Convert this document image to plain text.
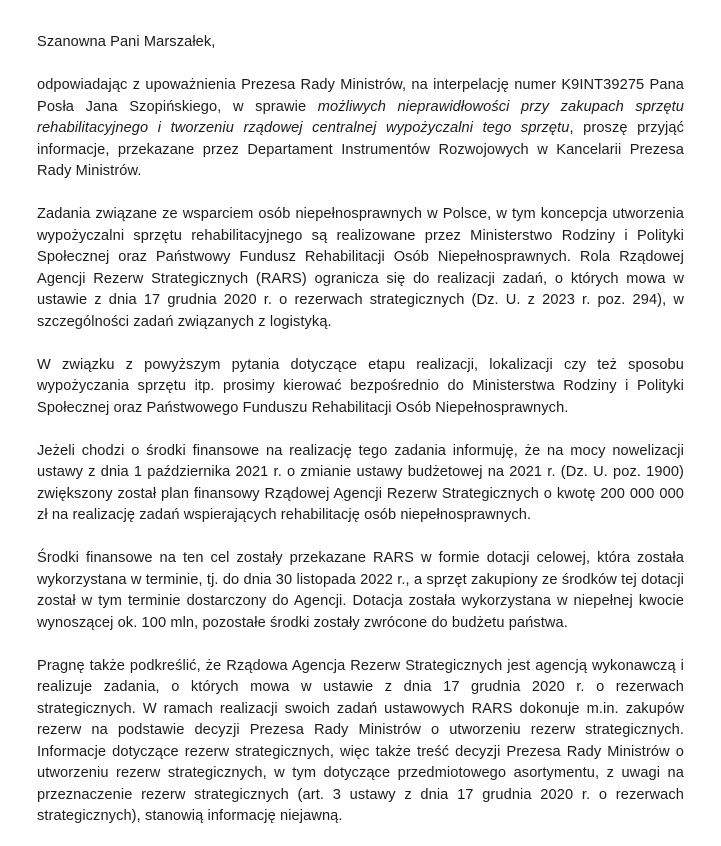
Szanowna Pani Marszałek,

odpowiadając z upoważnienia Prezesa Rady Ministrów, na interpelację numer K9INT39275 Pana Posła Jana Szopińskiego, w sprawie możliwych nieprawidłowości przy zakupach sprzętu rehabilitacyjnego i tworzeniu rządowej centralnej wypożyczalni tego sprzętu, proszę przyjąć informacje, przekazane przez Departament Instrumentów Rozwojowych w Kancelarii Prezesa Rady Ministrów.

Zadania związane ze wsparciem osób niepełnosprawnych w Polsce, w tym koncepcja utworzenia wypożyczalni sprzętu rehabilitacyjnego są realizowane przez Ministerstwo Rodziny i Polityki Społecznej oraz Państwowy Fundusz Rehabilitacji Osób Niepełnosprawnych. Rola Rządowej Agencji Rezerw Strategicznych (RARS) ogranicza się do realizacji zadań, o których mowa w ustawie z dnia 17 grudnia 2020 r. o rezerwach strategicznych (Dz. U. z 2023 r. poz. 294), w szczególności zadań związanych z logistyką.

W związku z powyższym pytania dotyczące etapu realizacji, lokalizacji czy też sposobu wypożyczania sprzętu itp. prosimy kierować bezpośrednio do Ministerstwa Rodziny i Polityki Społecznej oraz Państwowego Funduszu Rehabilitacji Osób Niepełnosprawnych.

Jeżeli chodzi o środki finansowe na realizację tego zadania informuję, że na mocy nowelizacji ustawy z dnia 1 października 2021 r. o zmianie ustawy budżetowej na 2021 r. (Dz. U. poz. 1900) zwiększony został plan finansowy Rządowej Agencji Rezerw Strategicznych o kwotę 200 000 000 zł na realizację zadań wspierających rehabilitację osób niepełnosprawnych.

Środki finansowe na ten cel zostały przekazane RARS w formie dotacji celowej, która została wykorzystana w terminie, tj. do dnia 30 listopada 2022 r., a sprzęt zakupiony ze środków tej dotacji został w tym terminie dostarczony do Agencji. Dotacja została wykorzystana w niepełnej kwocie wynoszącej ok. 100 mln, pozostałe środki zostały zwrócone do budżetu państwa.

Pragnę także podkreślić, że Rządowa Agencja Rezerw Strategicznych jest agencją wykonawczą i realizuje zadania, o których mowa w ustawie z dnia 17 grudnia 2020 r. o rezerwach strategicznych. W ramach realizacji swoich zadań ustawowych RARS dokonuje m.in. zakupów rezerw na podstawie decyzji Prezesa Rady Ministrów o utworzeniu rezerw strategicznych. Informacje dotyczące rezerw strategicznych, więc także treść decyzji Prezesa Rady Ministrów o utworzeniu rezerw strategicznych, w tym dotyczące przedmiotowego asortymentu, z uwagi na przeznaczenie rezerw strategicznych (art. 3 ustawy z dnia 17 grudnia 2020 r. o rezerwach strategicznych), stanowią informację niejawną.
